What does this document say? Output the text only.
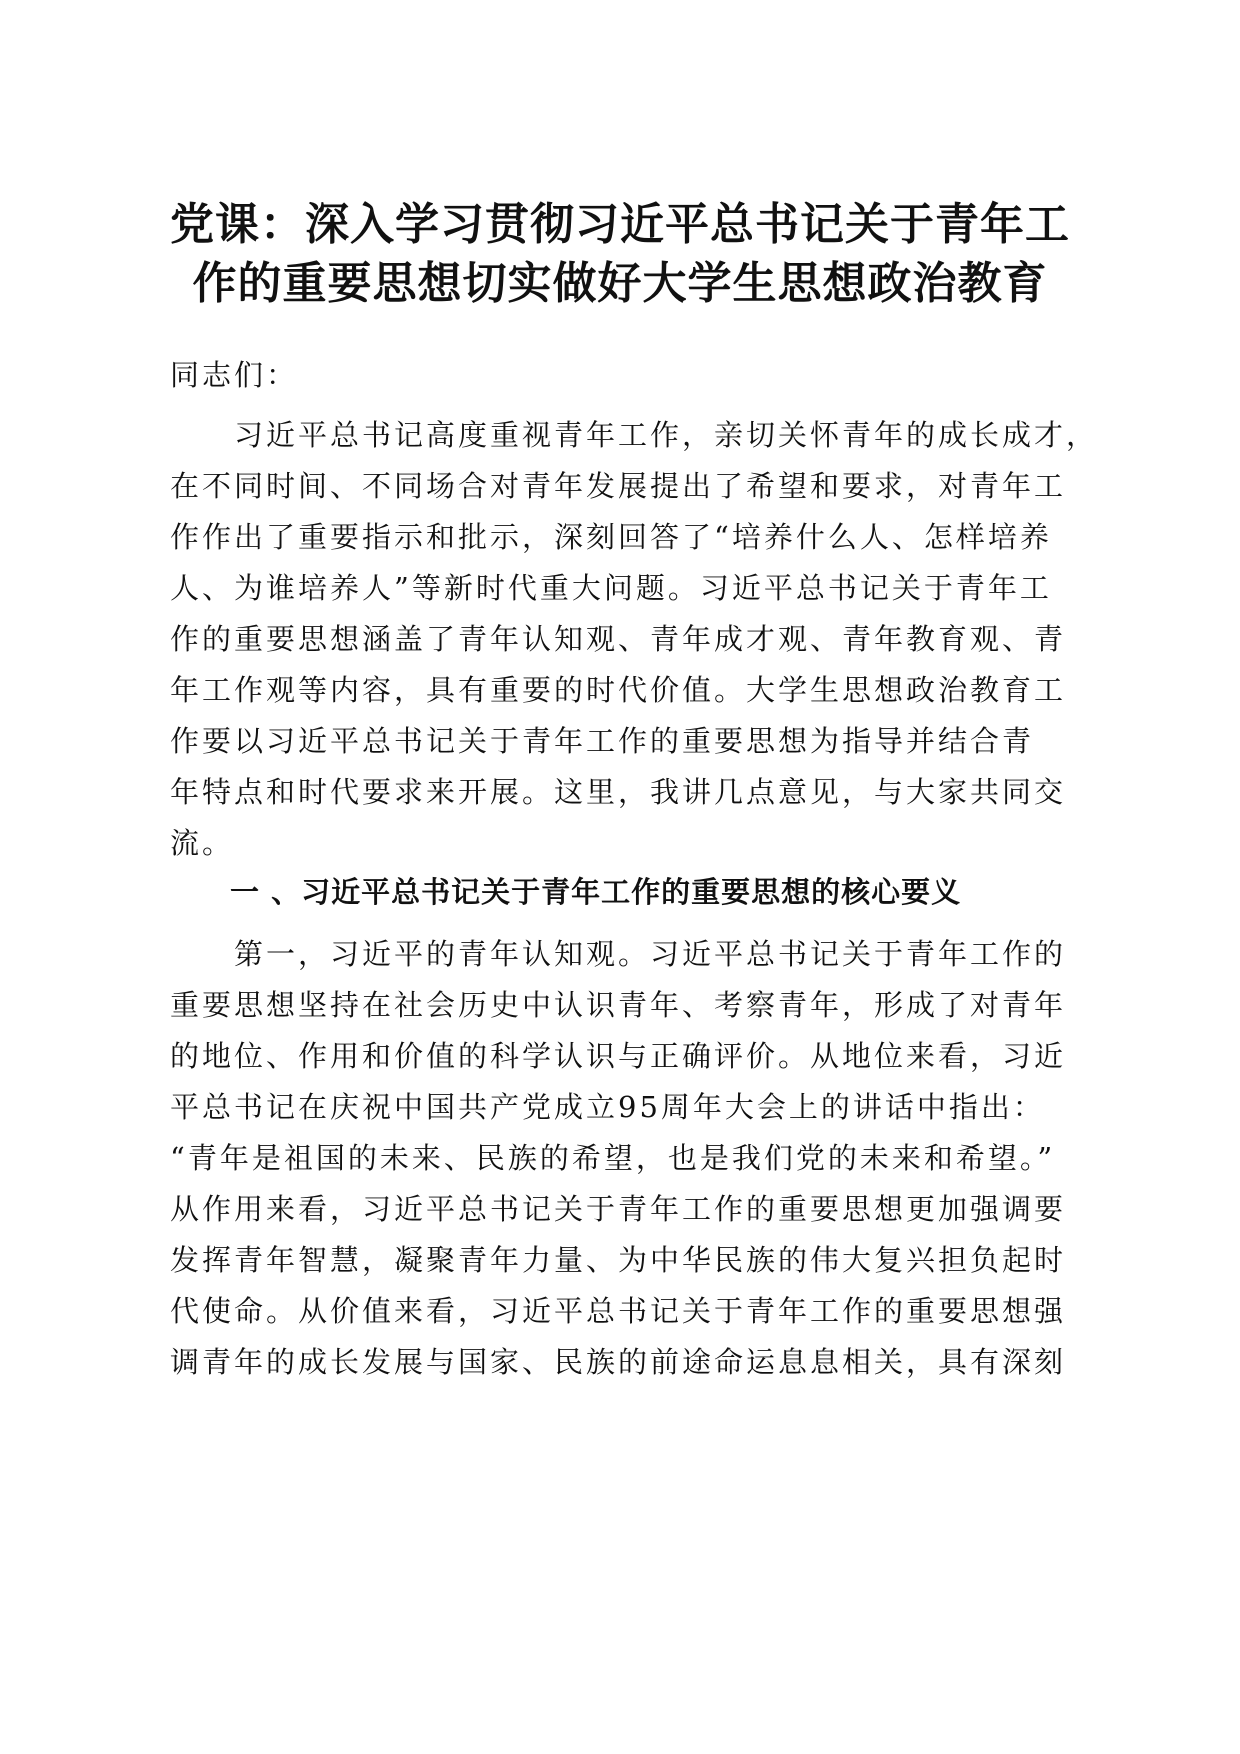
党课：深入学习贯彻习近平总书记关于青年工
作的重要思想切实做好大学生思想政治教育
同志们：
习近平总书记高度重视青年工作，亲切关怀青年的成长成才，
在不同时间、不同场合对青年发展提出了希望和要求，对青年工
作作出了重要指示和批示，深刻回答了“培养什么人、怎样培养
人、为谁培养人”等新时代重大问题。习近平总书记关于青年工
作的重要思想涵盖了青年认知观、青年成才观、青年教育观、青
年工作观等内容，具有重要的时代价值。大学生思想政治教育工
作要以习近平总书记关于青年工作的重要思想为指导并结合青
年特点和时代要求来开展。这里，我讲几点意见，与大家共同交
流。
一 、习近平总书记关于青年工作的重要思想的核心要义
第一，习近平的青年认知观。习近平总书记关于青年工作的
重要思想坚持在社会历史中认识青年、考察青年，形成了对青年
的地位、作用和价值的科学认识与正确评价。从地位来看，习近
平总书记在庆祝中国共产党成立95周年大会上的讲话中指出：
“青年是祖国的未来、民族的希望，也是我们党的未来和希望。”
从作用来看，习近平总书记关于青年工作的重要思想更加强调要
发挥青年智慧，凝聚青年力量、为中华民族的伟大复兴担负起时
代使命。从价值来看，习近平总书记关于青年工作的重要思想强
调青年的成长发展与国家、民族的前途命运息息相关，具有深刻
